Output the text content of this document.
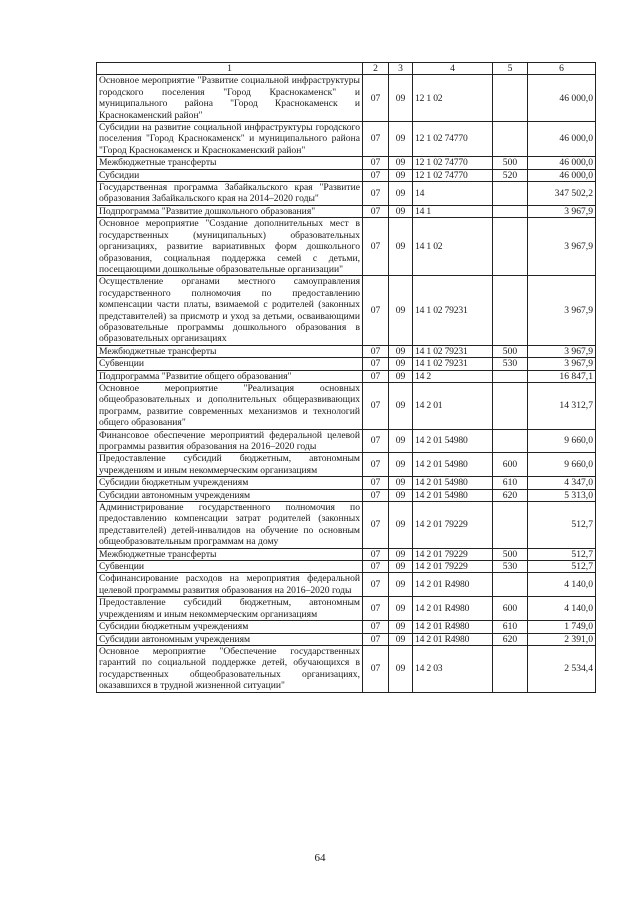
1	2	3	4	5	6
Основное мероприятие "Развитие социальной инфраструктуры городского поселения "Город Краснокаменск" и муниципального района "Город Краснокаменск и Краснокаменский район"	07	09	12 1 02		46 000,0
Субсидии на развитие социальной инфраструктуры городского поселения "Город Краснокаменск" и муниципального района "Город Краснокаменск и Краснокаменский район"	07	09	12 1 02 74770		46 000,0
Межбюджетные трансферты	07	09	12 1 02 74770	500	46 000,0
Субсидии	07	09	12 1 02 74770	520	46 000,0
Государственная программа Забайкальского края "Развитие образования Забайкальского края на 2014–2020 годы"	07	09	14		347 502,2
Подпрограмма "Развитие дошкольного образования"	07	09	14 1		3 967,9
Основное мероприятие "Создание дополнительных мест в государственных (муниципальных) образовательных организациях, развитие вариативных форм дошкольного образования, социальная поддержка семей с детьми, посещающими дошкольные образовательные организации"	07	09	14 1 02		3 967,9
Осуществление органами местного самоуправления государственного полномочия по предоставлению компенсации части платы, взимаемой с родителей (законных представителей) за присмотр и уход за детьми, осваивающими образовательные программы дошкольного образования в образовательных организациях	07	09	14 1 02 79231		3 967,9
Межбюджетные трансферты	07	09	14 1 02 79231	500	3 967,9
Субвенции	07	09	14 1 02 79231	530	3 967,9
Подпрограмма "Развитие общего образования"	07	09	14 2		16 847,1
Основное мероприятие "Реализация основных общеобразовательных и дополнительных общеразвивающих программ, развитие современных механизмов и технологий общего образования"	07	09	14 2 01		14 312,7
Финансовое обеспечение мероприятий федеральной целевой программы развития образования на 2016–2020 годы	07	09	14 2 01 54980		9 660,0
Предоставление субсидий бюджетным, автономным учреждениям и иным некоммерческим организациям	07	09	14 2 01 54980	600	9 660,0
Субсидии бюджетным учреждениям	07	09	14 2 01 54980	610	4 347,0
Субсидии автономным учреждениям	07	09	14 2 01 54980	620	5 313,0
Администрирование государственного полномочия по предоставлению компенсации затрат родителей (законных представителей) детей-инвалидов на обучение по основным общеобразовательным программам на дому	07	09	14 2 01 79229		512,7
Межбюджетные трансферты	07	09	14 2 01 79229	500	512,7
Субвенции	07	09	14 2 01 79229	530	512,7
Софинансирование расходов на мероприятия федеральной целевой программы развития образования на 2016–2020 годы	07	09	14 2 01 R4980		4 140,0
Предоставление субсидий бюджетным, автономным учреждениям и иным некоммерческим организациям	07	09	14 2 01 R4980	600	4 140,0
Субсидии бюджетным учреждениям	07	09	14 2 01 R4980	610	1 749,0
Субсидии автономным учреждениям	07	09	14 2 01 R4980	620	2 391,0
Основное мероприятие "Обеспечение государственных гарантий по социальной поддержке детей, обучающихся в государственных общеобразовательных организациях, оказавшихся в трудной жизненной ситуации"	07	09	14 2 03		2 534,4
64
